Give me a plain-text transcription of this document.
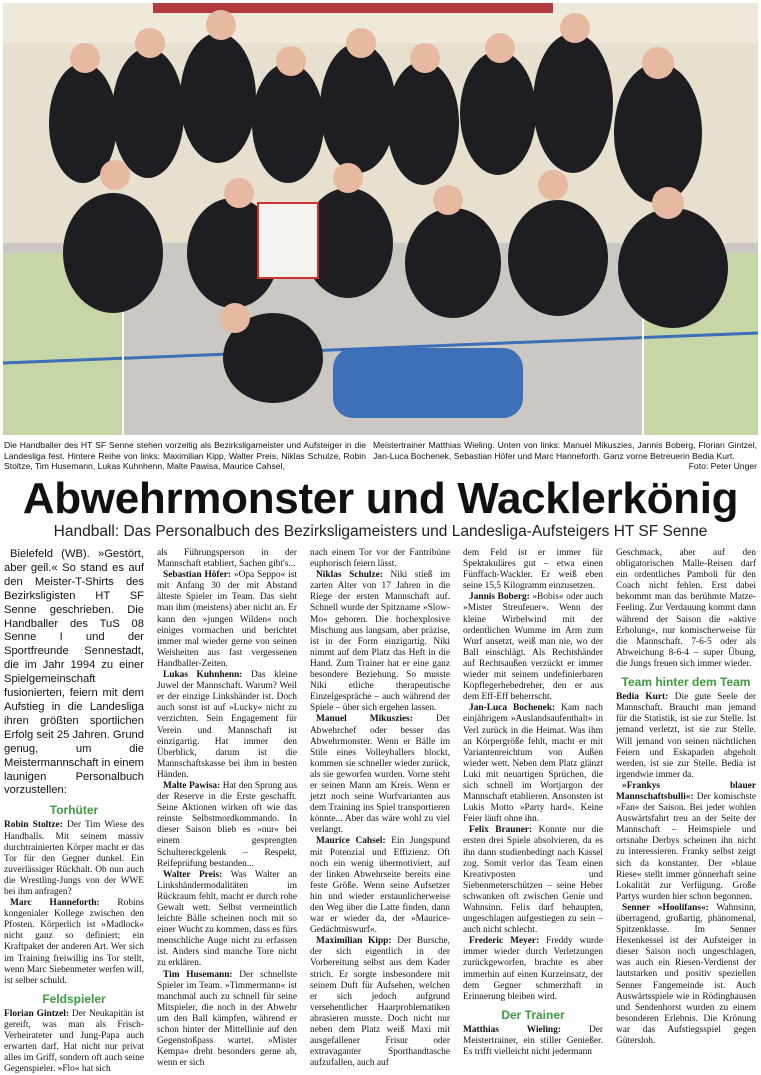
Die Handballer des HT SF Senne stehen vorzeitig als Bezirksligameister und Aufsteiger in die Landesliga fest. Hintere Reihe von links: Maximilian Kipp, Walter Preis, Niklas Schulze, Robin Stoltze, Tim Husemann, Lukas Kuhnhenn, Malte Pawisa, Maurice Cahsel,
Meistertrainer Matthias Wieling. Unten von links: Manuel Mikuszies, Jannis Boberg, Florian Gintzel, Jan-Luca Bochenek, Sebastian Höfer und Marc Hanneforth. Ganz vorne Betreuerin Bedia Kurt.
Foto: Peter Unger
Abwehrmonster und Wacklerkönig
Handball: Das Personalbuch des Bezirksligameisters und Landesliga-Aufsteigers HT SF Senne

Bielefeld (WB). »Gestört, aber geil.« So stand es auf den Meister-T-Shirts des Bezirksligisten HT SF Senne geschrieben. Die Handballer des TuS 08 Senne I und der Sportfreunde Sennestadt, die im Jahr 1994 zu einer Spielgemeinschaft fusionierten, feiern mit dem Aufstieg in die Landesliga ihren größten sportlichen Erfolg seit 25 Jahren. Grund genug, um die Meistermannschaft in einem launigen Personalbuch vorzustellen:

Torhüter

Robin Stoltze: Der Tim Wiese des Handballs. Mit seinem massiv durchtrainierten Körper macht er das Tor für den Gegner dunkel. Ein zuverlässiger Rückhalt. Ob nun auch die Wrestling-Jungs von der WWE bei ihm anfragen?

Marc Hanneforth: Robins kongenialer Kollege zwischen den Pfosten. Körperlich ist »Madlock« nicht ganz so definiert; ein Kraftpaket der anderen Art. Wer sich im Training freiwillig ins Tor stellt, wenn Marc Siebenmeter werfen will, ist selber schuld.

Feldspieler

Florian Gintzel: Der Neukapitän ist gereift, was man als Frisch-Verheirateter und Jung-Papa auch erwarten darf. Hat nicht nur privat alles im Griff, sondern oft auch seine Gegenspieler. »Flo« hat sich

als Führungsperson in der Mannschaft etabliert, Sachen gibt's...

Sebastian Höfer: »Opa Seppo« ist mit Anfang 30 der mit Abstand älteste Spieler im Team. Das sieht man ihm (meistens) aber nicht an. Er kann den »jungen Wilden« noch einiges vormachen und berichtet immer mal wieder gerne von seinen Weisheiten aus fast vergessenen Handballer-Zeiten.

Lukas Kuhnhenn: Das kleine Juwel der Mannschaft. Warum? Weil er der einzige Linkshänder ist. Doch auch sonst ist auf »Lucky« nicht zu verzichten. Sein Engagement für Verein und Mannschaft ist einzigartig. Hat immer den Überblick, darum ist die Mannschaftskasse bei ihm in besten Händen.

Malte Pawisa: Hat den Sprung aus der Reserve in die Erste geschafft. Seine Aktionen wirken oft wie das reinste Selbstmordkommando. In dieser Saison blieb es »nur« bei einem gesprengten Schultereckgelenk – Respekt, Reifeprüfung bestanden...

Walter Preis: Was Walter an Linkshändermodalitäten im Rückraum fehlt, macht er durch rohe Gewalt wett. Selbst vermeintlich leichte Bälle scheinen noch mit so einer Wucht zu kommen, dass es fürs menschliche Auge nicht zu erfassen ist. Anders sind manche Tore nicht zu erklären.

Tim Husemann: Der schnellste Spieler im Team. »Timmermann« ist manchmal auch zu schnell für seine Mitspieler, die noch in der Abwehr um den Ball kämpfen, während er schon hinter der Mittellinie auf den Gegenstoßpass wartet. »Mister Kempa« dreht besonders gerne ab, wenn er sich

nach einem Tor vor der Fantribüne euphorisch feiern lässt.

Niklas Schulze: Niki stieß im zarten Alter von 17 Jahren in die Riege der ersten Mannschaft auf. Schnell wurde der Spitzname »Slow-Mo« geboren. Die hochexplosive Mischung aus langsam, aber präzise, ist in der Form einzigartig. Niki nimmt auf dem Platz das Heft in die Hand. Zum Trainer hat er eine ganz besondere Beziehung. So musste Niki etliche therapeutische Einzelgespräche – auch während der Spiele – über sich ergehen lassen.

Manuel Mikuszies: Der Abwehrchef oder besser das Abwehrmonster. Wenn er Bälle im Stile eines Volleyballers blockt, kommen sie schneller wieder zurück, als sie geworfen wurden. Vorne steht er seinen Mann am Kreis. Wenn er jetzt noch seine Wurfvarianten aus dem Training ins Spiel transportieren könnte... Aber das wäre wohl zu viel verlangt.

Maurice Cahsel: Ein Jungspund mit Potenzial und Effizienz. Oft noch ein wenig übermotiviert, auf der linken Abwehrseite bereits eine feste Größe. Wenn seine Aufsetzer hin und wieder erstaunlicherweise den Weg über die Latte finden, dann war er wieder da, der »Maurice-Gedächtniswurf«.

Maximilian Kipp: Der Bursche, der sich eigentlich in der Vorbereitung selbst aus dem Kader strich. Er sorgte insbesondere mit seinem Duft für Aufsehen, welchen er sich jedoch aufgrund versehentlicher Haarproblematiken abrasieren musste. Doch nicht nur neben dem Platz weiß Maxi mit ausgefallener Frisur oder extravaganter Sporthandtasche aufzufallen, auch auf

dem Feld ist er immer für Spektakuläres gut – etwa einen Fünffach-Wackler. Er weiß eben seine 15,5 Kilogramm einzusetzen.

Jannis Boberg: »Bobis« oder auch »Mister Streufeuer«. Wenn der kleine Wirbelwind mit der ordentlichen Wumme im Arm zum Wurf ansetzt, weiß man nie, wo der Ball einschlägt. Als Rechtshänder auf Rechtsaußen verzückt er immer wieder mit seinem undefinierbaren Kopflegerhebedreher, den er aus dem Eff-Eff beherrscht.

Jan-Luca Bochenek: Kam nach einjährigem »Auslandsaufenthalt« in Verl zurück in die Heimat. Was ihm an Körpergröße fehlt, macht er mit Variantenreichtum von Außen wieder wett. Neben dem Platz glänzt Luki mit neuartigen Sprüchen, die sich schnell im Wortjargon der Mannschaft etablieren. Ansonsten ist Lukis Motto »Party hard«. Keine Feier läuft ohne ihn.

Felix Brauner: Konnte nur die ersten drei Spiele absolvieren, da es ihn dann studienbedingt nach Kassel zog. Somit verlor das Team einen Kreativposten und Siebenmeterschützen – seine Heber schwanken oft zwischen Genie und Wahnsinn. Felix darf behaupten, ungeschlagen aufgestiegen zu sein – auch nicht schlecht.

Frederic Meyer: Freddy wurde immer wieder durch Verletzungen zurückgeworfen, brachte es aber immerhin auf einen Kurzeinsatz, der dem Gegner schmerzhaft in Erinnerung bleiben wird.

Der Trainer

Matthias Wieling: Der Meistertrainer, ein stiller Genießer. Es trifft vielleicht nicht jedermann

Geschmack, aber auf den obligatorischen Malle-Reisen darf ein ordentliches Pamboli für den Coach nicht fehlen. Erst dabei bekommt man das berühmte Matze-Feeling. Zur Verdauung kommt dann während der Saison die »aktive Erholung«, nur komischerweise für die Mannschaft. 7-6-5 oder als Abweichung 8-6-4 – super Übung, die Jungs freuen sich immer wieder.

Team hinter dem Team

Bedia Kurt: Die gute Seele der Mannschaft. Braucht man jemand für die Statistik, ist sie zur Stelle. Ist jemand verletzt, ist sie zur Stelle. Will jemand von seinen nächtlichen Feiern und Eskapaden abgeholt werden, ist sie zur Stelle. Bedia ist irgendwie immer da.

»Frankys blauer Mannschaftsbulli«: Der komischste »Fan« der Saison. Bei jeder wohlen Auswärtsfahrt treu an der Seite der Mannschaft – Heimspiele und ortsnahe Derbys scheinen ihn nicht zu interessieren. Franky selbst zeigt sich da konstanter. Der »blaue Riese« stellt immer gönnerhaft seine Lokalität zur Verfügung. Große Partys wurden hier schon begonnen.

Senner »Hoolifans«: Wahnsinn, überragend, großartig, phänomenal, Spitzenklasse. Im Senner Hexenkessel ist der Aufsteiger in dieser Saison noch ungeschlagen, was auch ein Riesen-Verdienst der lautstarken und positiv speziellen Senner Fangemeinde ist. Auch Auswärtsspiele wie in Rödinghausen und Sendenhorst wurden zu einem besonderen Erlebnis. Die Krönung war das Aufstiegsspiel gegen Gütersloh.
